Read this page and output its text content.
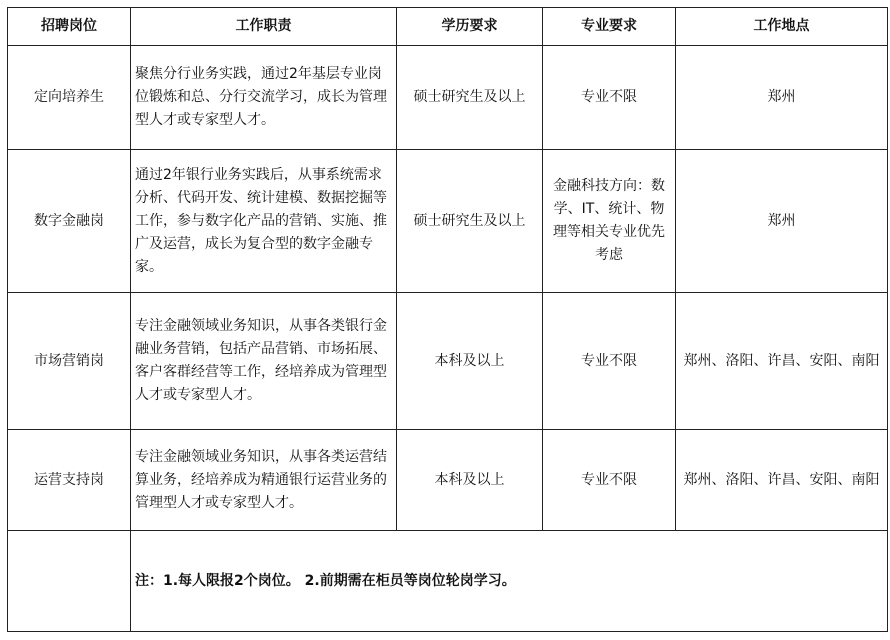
招聘岗位	工作职责	学历要求	专业要求	工作地点
定向培养生	聚焦分行业务实践，通过2年基层专业岗位锻炼和总、分行交流学习，成长为管理型人才或专家型人才。	硕士研究生及以上	专业不限	郑州
数字金融岗	通过2年银行业务实践后，从事系统需求分析、代码开发、统计建模、数据挖掘等工作，参与数字化产品的营销、实施、推广及运营，成长为复合型的数字金融专家。	硕士研究生及以上	金融科技方向：数学、IT、统计、物理等相关专业优先考虑	郑州
市场营销岗	专注金融领域业务知识，从事各类银行金融业务营销，包括产品营销、市场拓展、客户客群经营等工作，经培养成为管理型人才或专家型人才。	本科及以上	专业不限	郑州、洛阳、许昌、安阳、南阳
运营支持岗	专注金融领域业务知识，从事各类运营结算业务，经培养成为精通银行运营业务的管理型人才或专家型人才。	本科及以上	专业不限	郑州、洛阳、许昌、安阳、南阳
	注：1.每人限报2个岗位。 2.前期需在柜员等岗位轮岗学习。			
